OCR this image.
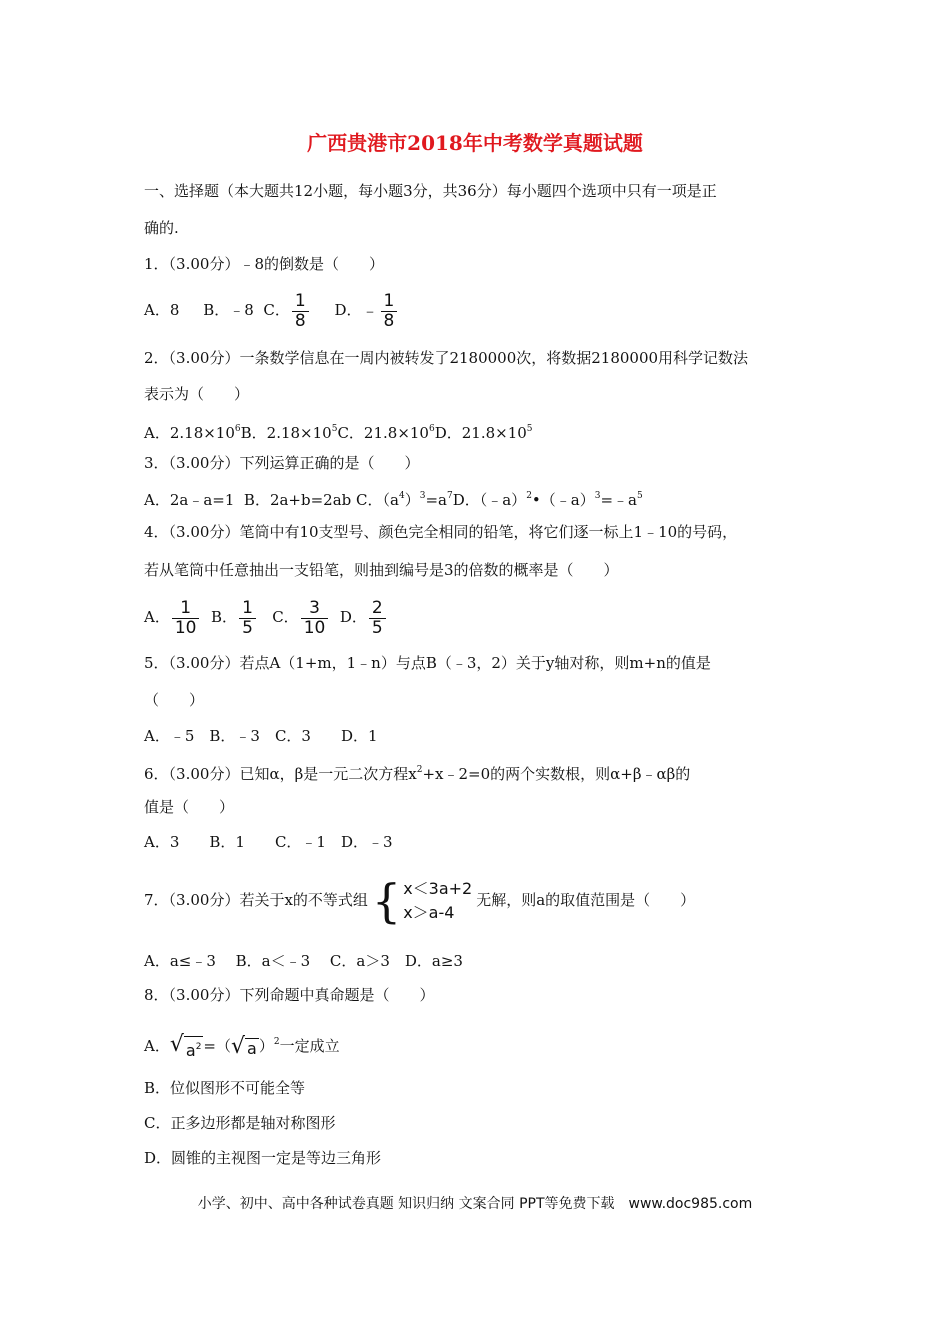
广西贵港市2018年中考数学真题试题
一、选择题（本大题共12小题，每小题3分，共36分）每小题四个选项中只有一项是正
确的.
1．（3.00分）﹣8的倒数是（　　）
A．8 B．﹣8 C． $\frac{1}{8}$ D．﹣ $\frac{1}{8}$
2．（3.00分）一条数学信息在一周内被转发了2180000次，将数据2180000用科学记数法
表示为（　　）
A．$2.18\times 10^6B$．$2.18\times 10^5C$．$21.8\times 10^6D$．$21.8\times 10^5$
3．（3.00分）下列运算正确的是（　　）
A．2a﹣a=1 B．2a+b=2ab C．$(a^4)^3=a^7D$．$(﹣a)^2•(﹣a)^3=﹣a^5$
4．（3.00分）笔筒中有10支型号、颜色完全相同的铅笔，将它们逐一标上1﹣10的号码，
若从笔筒中任意抽出一支铅笔，则抽到编号是3的倍数的概率是（　　）
A． $\frac{1}{10}$ B． $\frac{1}{5}$ C． $\frac{3}{10}$ D． $\frac{2}{5}$
5．（3.00分）若点A（1+m，1﹣n）与点B（﹣3，2）关于y轴对称，则m+n的值是
（　　）
A．﹣5　B．﹣3　C．3　　D．1
6．（3.00分）已知α，β是一元二次方程$x^2+x﹣2=0$的两个实数根，则α+β﹣αβ的
值是（　　）
A．3　　B．1　　C．﹣1　D．﹣3
7．（3.00分）若关于x的不等式组 { x＜3a+2
x＞a-4
无解，则a的取值范围是（　　）
A．a≤﹣3　 B．a＜﹣3　 C．a＞3　D．a≥3
8．（3.00分）下列命题中真命题是（　　）
A． √ $a^2$ =（ √ a ）$^2$一定成立
B．位似图形不可能全等
C．正多边形都是轴对称图形
D．圆锥的主视图一定是等边三角形
小学、初中、高中各种试卷真题 知识归纳 文案合同 PPT等免费下载　www.doc985.com
